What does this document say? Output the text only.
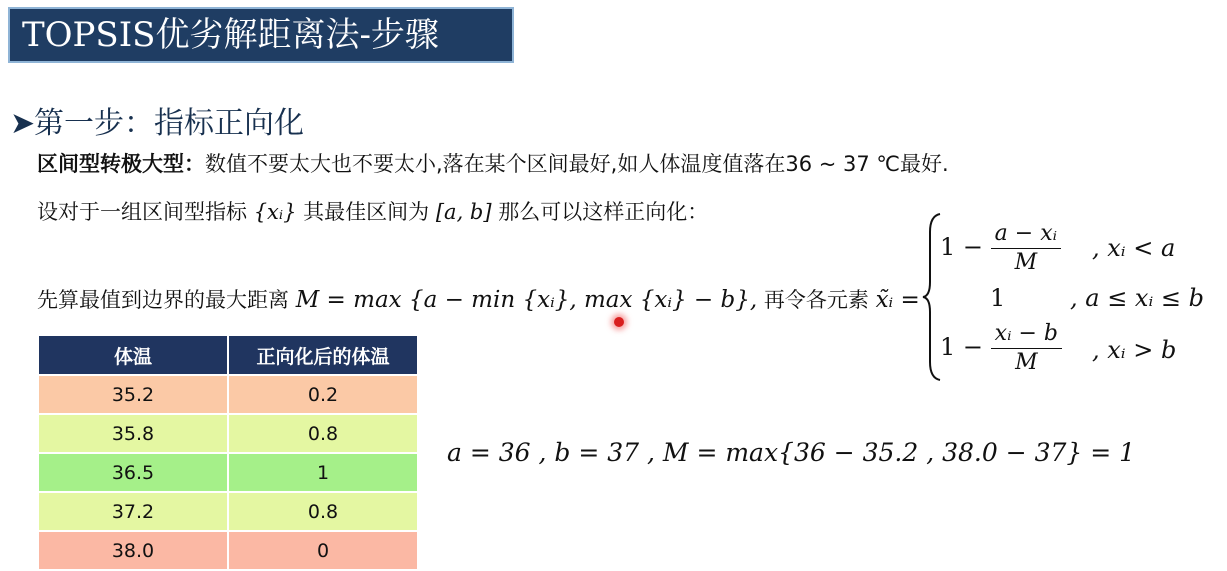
TOPSIS优劣解距离法-步骤
➤第一步：指标正向化
区间型转极大型：数值不要太大也不要太小,落在某个区间最好,如人体温度值落在36 ~ 37 ℃最好.
设对于一组区间型指标 {xᵢ} 其最佳区间为 [a, b] 那么可以这样正向化：
先算最值到边界的最大距离 M = max {a − min {xᵢ}, max {xᵢ} − b}, 再令各元素 x̃ᵢ =
$1 - \frac{\text{a − xᵢ}}{M}$ , xᵢ < a
1	, a ≤ xᵢ ≤ b
$1 - \frac{\text{xᵢ − b}}{M}$ , xᵢ > b
体温	正向化后的体温
35.2	0.2
35.8	0.8
36.5	1
37.2	0.8
38.0	0
a = 36 , b = 37 , M = max{36 − 35.2 , 38.0 − 37} = 1
